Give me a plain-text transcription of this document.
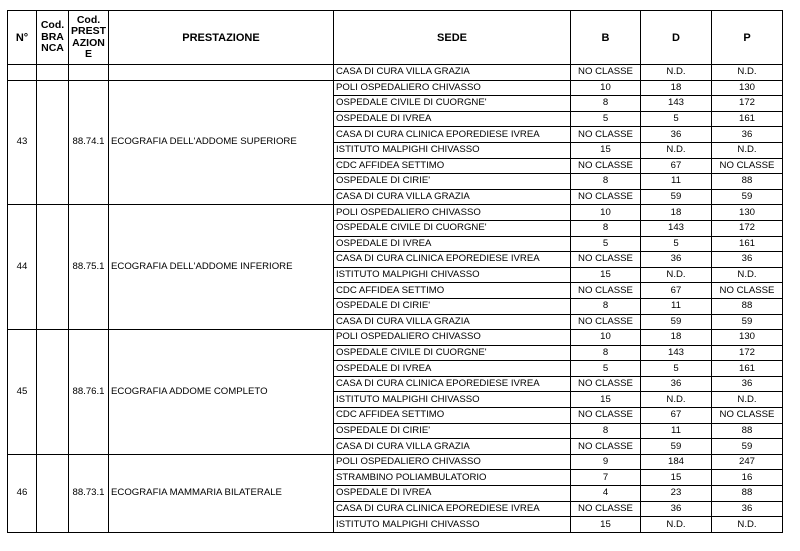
N°	Cod. BRA NCA	Cod. PREST AZION E	PRESTAZIONE	SEDE	B	D	P
				CASA DI CURA VILLA GRAZIA	NO CLASSE	N.D.	N.D.
43		88.74.1	ECOGRAFIA DELL'ADDOME SUPERIORE	POLI OSPEDALIERO CHIVASSO	10	18	130
				OSPEDALE CIVILE DI CUORGNE'	8	143	172
				OSPEDALE DI IVREA	5	5	161
				CASA DI CURA CLINICA EPOREDIESE IVREA	NO CLASSE	36	36
				ISTITUTO MALPIGHI CHIVASSO	15	N.D.	N.D.
				CDC AFFIDEA SETTIMO	NO CLASSE	67	NO CLASSE
				OSPEDALE DI CIRIE'	8	11	88
				CASA DI CURA VILLA GRAZIA	NO CLASSE	59	59
44		88.75.1	ECOGRAFIA DELL'ADDOME INFERIORE	POLI OSPEDALIERO CHIVASSO	10	18	130
				OSPEDALE CIVILE DI CUORGNE'	8	143	172
				OSPEDALE DI IVREA	5	5	161
				CASA DI CURA CLINICA EPOREDIESE IVREA	NO CLASSE	36	36
				ISTITUTO MALPIGHI CHIVASSO	15	N.D.	N.D.
				CDC AFFIDEA SETTIMO	NO CLASSE	67	NO CLASSE
				OSPEDALE DI CIRIE'	8	11	88
				CASA DI CURA VILLA GRAZIA	NO CLASSE	59	59
45		88.76.1	ECOGRAFIA ADDOME COMPLETO	POLI OSPEDALIERO CHIVASSO	10	18	130
				OSPEDALE CIVILE DI CUORGNE'	8	143	172
				OSPEDALE DI IVREA	5	5	161
				CASA DI CURA CLINICA EPOREDIESE IVREA	NO CLASSE	36	36
				ISTITUTO MALPIGHI CHIVASSO	15	N.D.	N.D.
				CDC AFFIDEA SETTIMO	NO CLASSE	67	NO CLASSE
				OSPEDALE DI CIRIE'	8	11	88
				CASA DI CURA VILLA GRAZIA	NO CLASSE	59	59
46		88.73.1	ECOGRAFIA MAMMARIA BILATERALE	POLI OSPEDALIERO CHIVASSO	9	184	247
				STRAMBINO POLIAMBULATORIO	7	15	16
				OSPEDALE DI IVREA	4	23	88
				CASA DI CURA CLINICA EPOREDIESE IVREA	NO CLASSE	36	36
				ISTITUTO MALPIGHI CHIVASSO	15	N.D.	N.D.
